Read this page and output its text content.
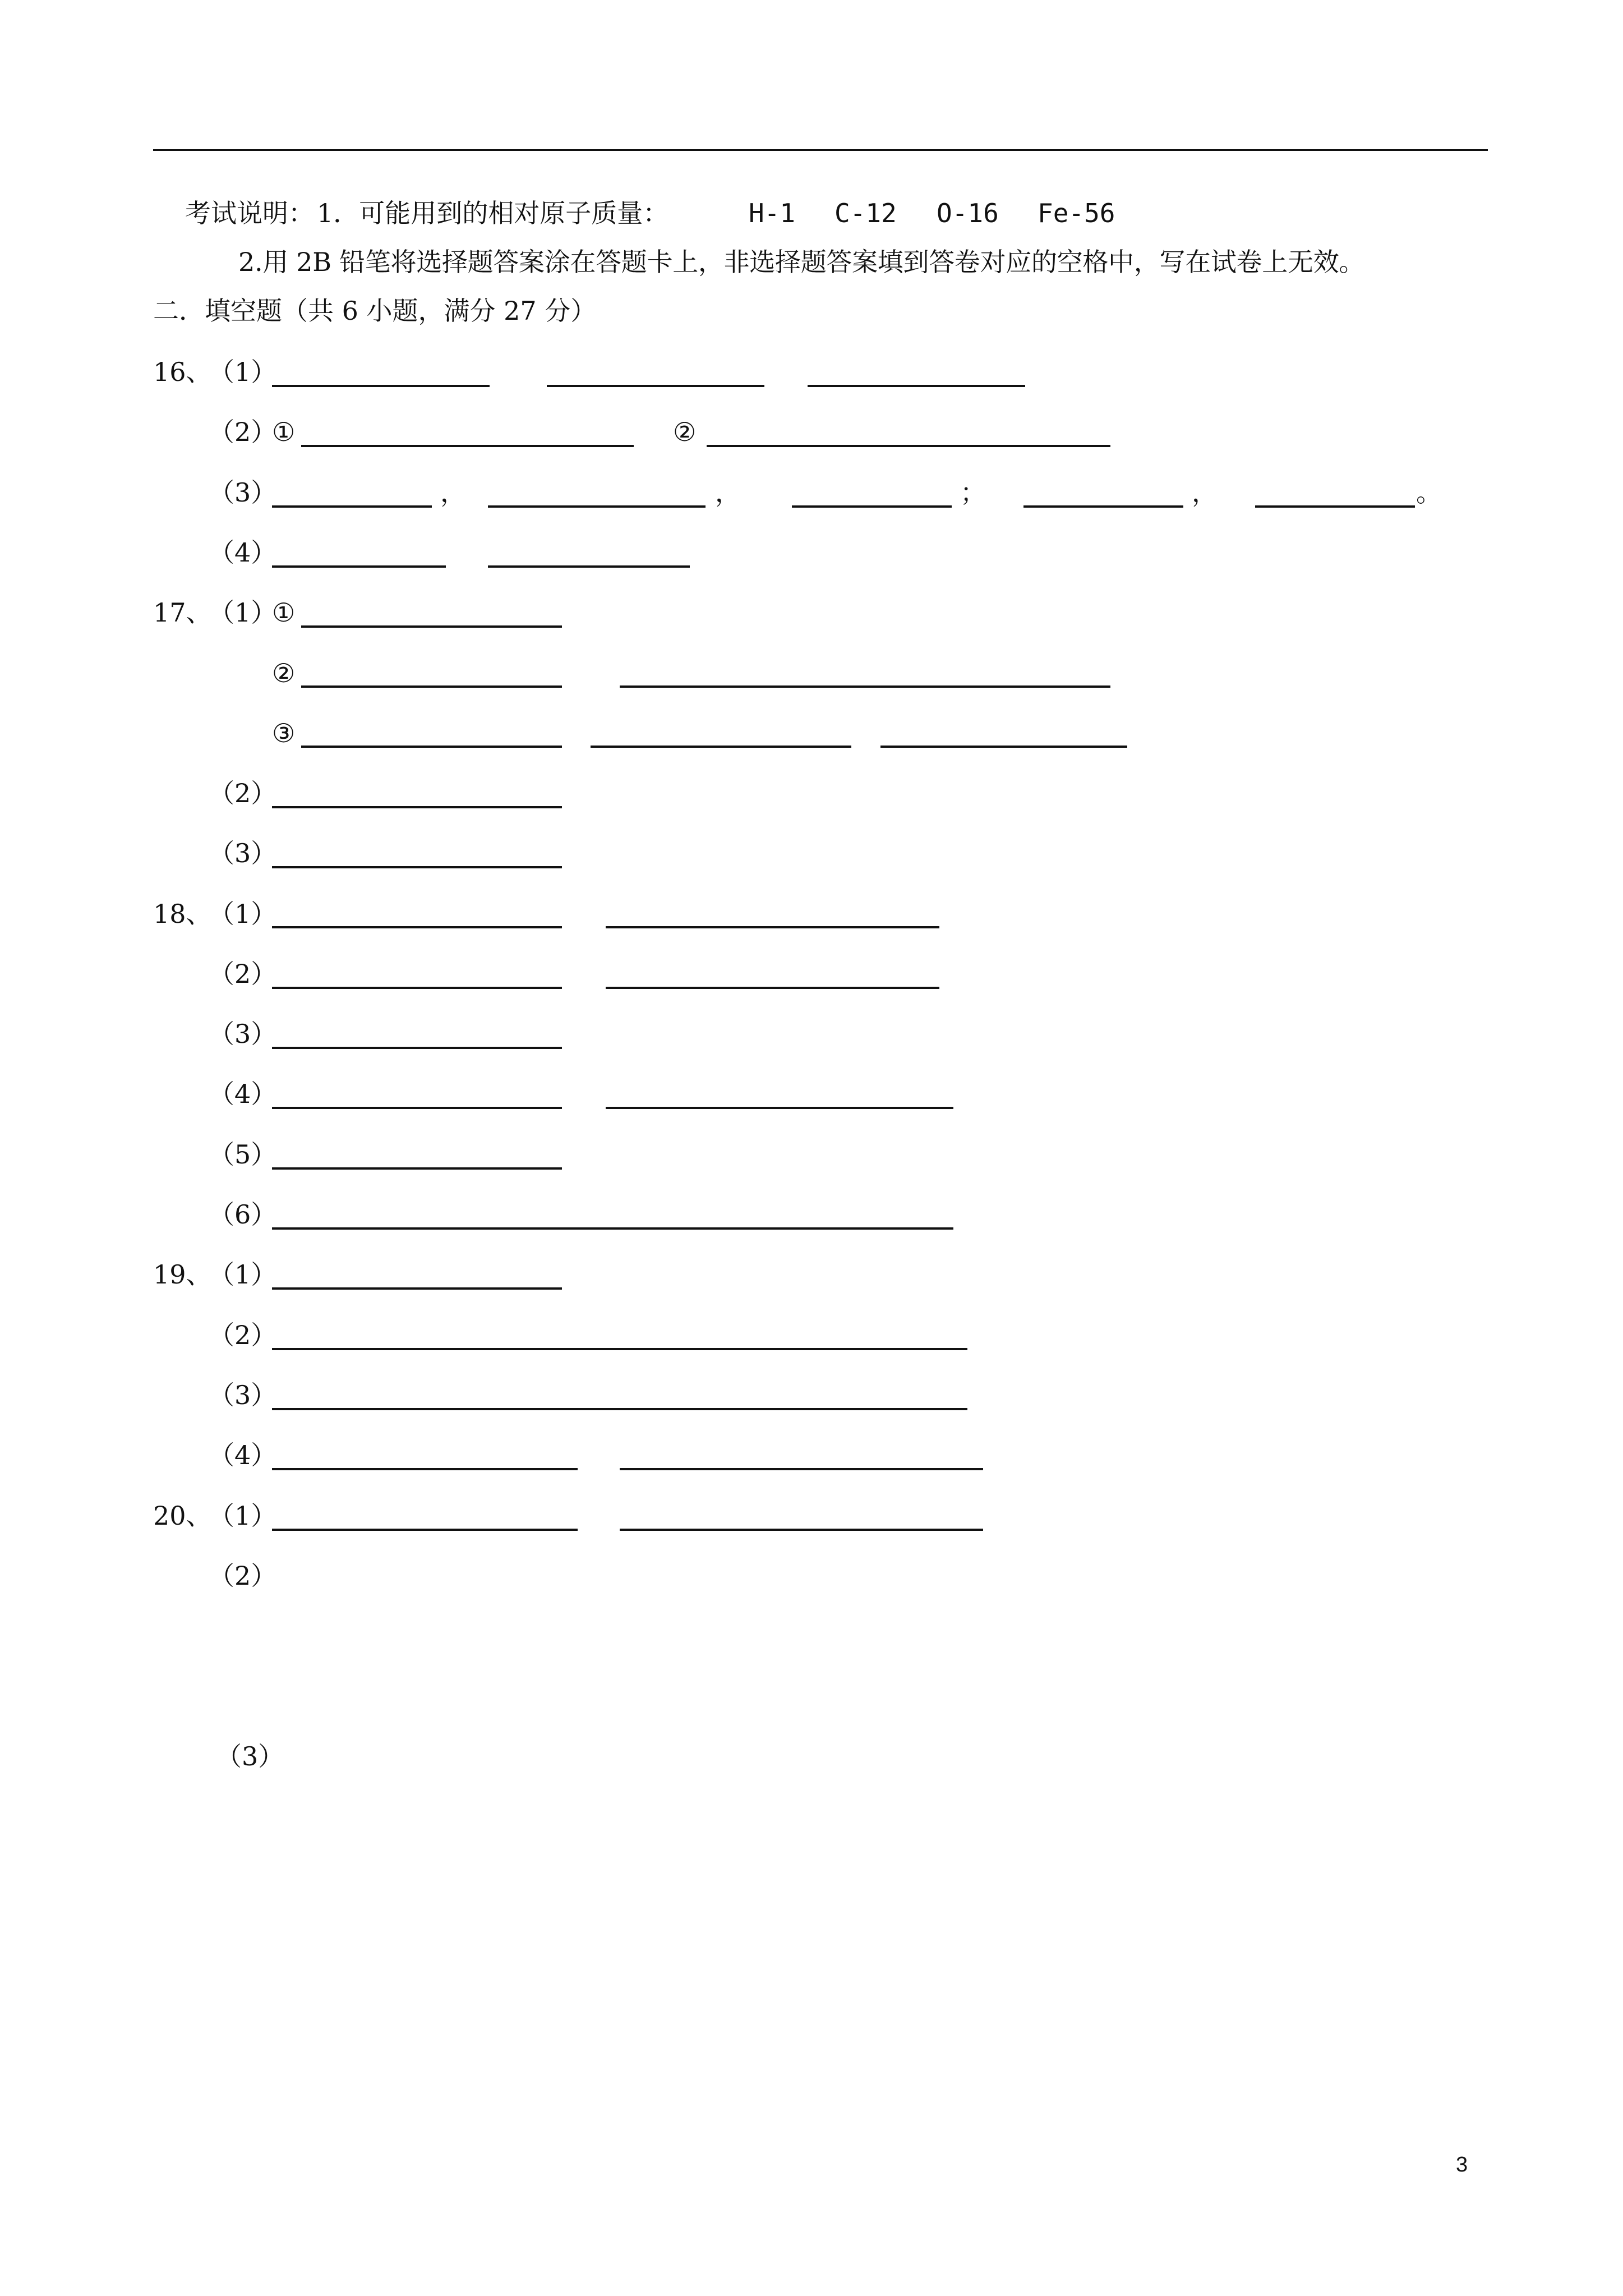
考试说明： 1．可能用到的相对原子质量：	H-1 C-12 O-16 Fe-56
2.用 2B 铅笔将选择题答案涂在答题卡上，非选择题答案填到答卷对应的空格中，写在试卷上无效。
二．填空题（共 6 小题，满分 27 分）
16、
（1）
（2）
①	②
（3）	，	，	；	，	。
（4）
17、
（1）
①
②
③
（2）
（3）
18、
（1）
（2）
（3）
（4）
（5）
（6）
19、
（1）
（2）
（3）
（4）
20、
（1）
（2）
（3）
3
